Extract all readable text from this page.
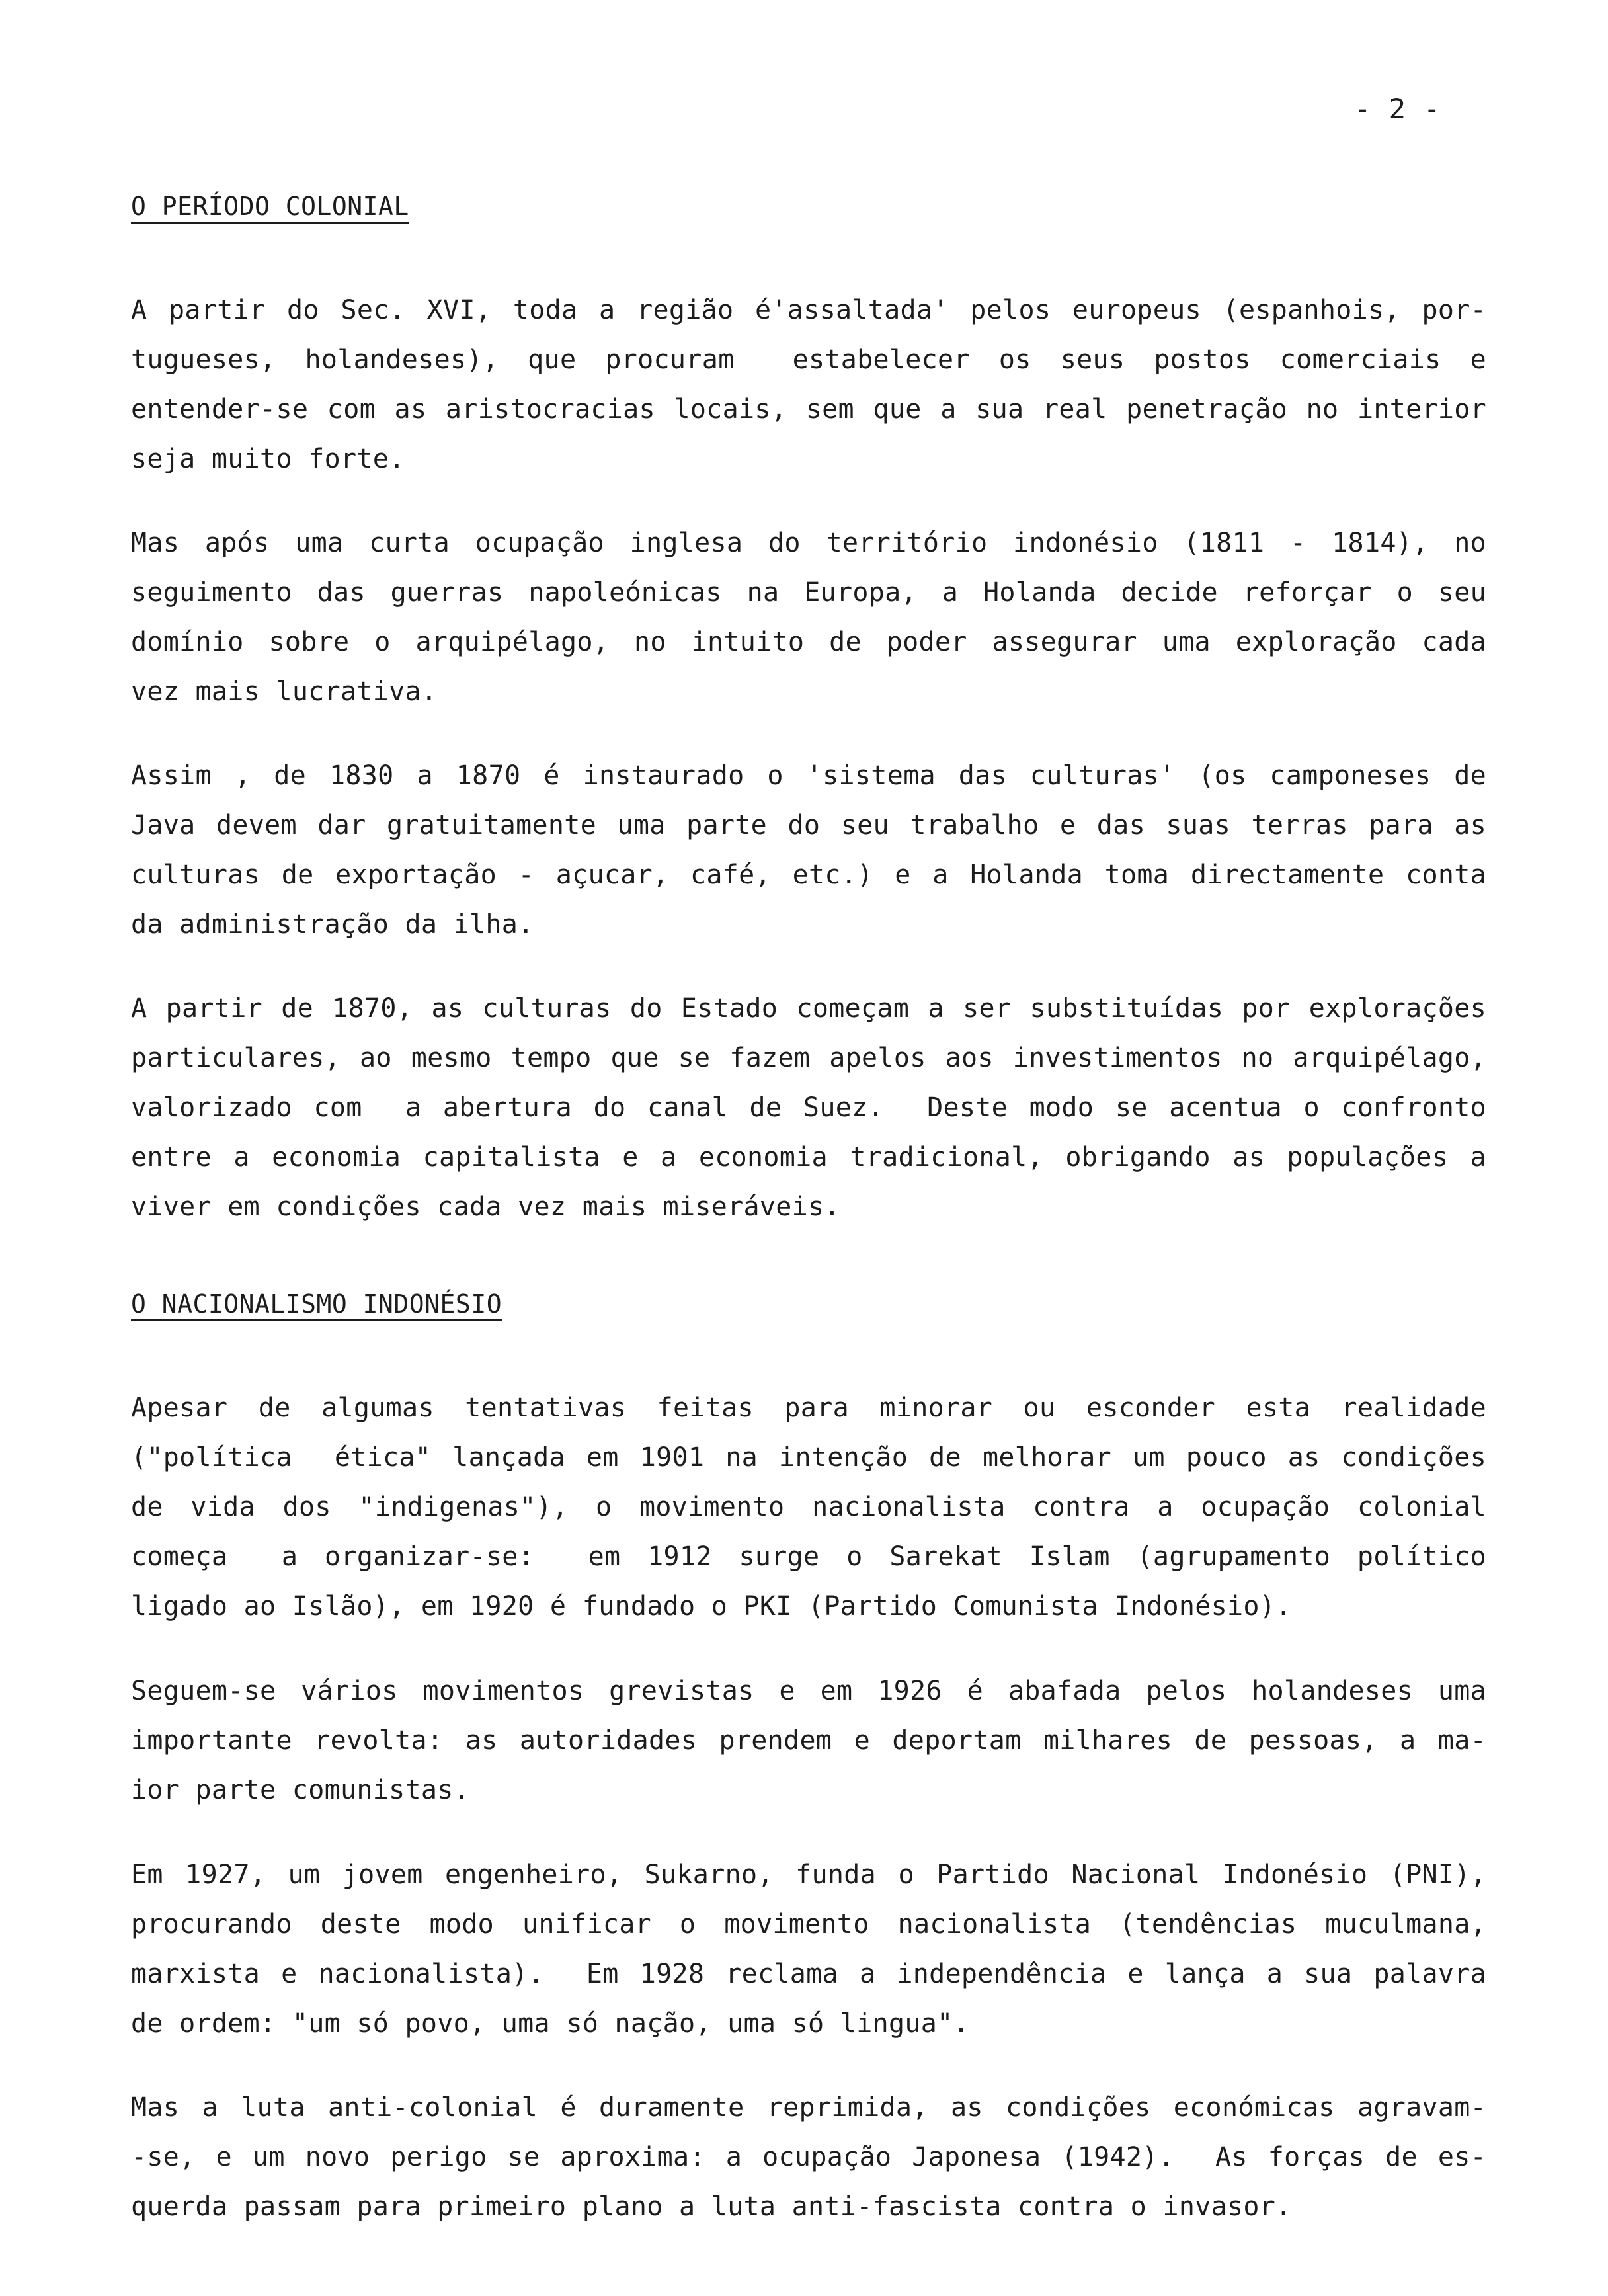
- 2 -
O PERÍODO COLONIAL
A partir do Sec. XVI, toda a região é'assaltada' pelos europeus (espanhois, por-
tugueses, holandeses), que procuram  estabelecer os seus postos comerciais e
entender-se com as aristocracias locais, sem que a sua real penetração no interior
seja muito forte.
Mas após uma curta ocupação inglesa do território indonésio (1811 - 1814), no
seguimento das guerras napoleónicas na Europa, a Holanda decide reforçar o seu
domínio sobre o arquipélago, no intuito de poder assegurar uma exploração cada
vez mais lucrativa.
Assim , de 1830 a 1870 é instaurado o 'sistema das culturas' (os camponeses de
Java devem dar gratuitamente uma parte do seu trabalho e das suas terras para as
culturas de exportação - açucar, café, etc.) e a Holanda toma directamente conta
da administração da ilha.
A partir de 1870, as culturas do Estado começam a ser substituídas por explorações
particulares, ao mesmo tempo que se fazem apelos aos investimentos no arquipélago,
valorizado com  a abertura do canal de Suez.  Deste modo se acentua o confronto
entre a economia capitalista e a economia tradicional, obrigando as populações a
viver em condições cada vez mais miseráveis.
O NACIONALISMO INDONÉSIO
Apesar de algumas tentativas feitas para minorar ou esconder esta realidade
("política  ética" lançada em 1901 na intenção de melhorar um pouco as condições
de vida dos "indigenas"), o movimento nacionalista contra a ocupação colonial
começa  a organizar-se:  em 1912 surge o Sarekat Islam (agrupamento político
ligado ao Islão), em 1920 é fundado o PKI (Partido Comunista Indonésio).
Seguem-se vários movimentos grevistas e em 1926 é abafada pelos holandeses uma
importante revolta: as autoridades prendem e deportam milhares de pessoas, a ma-
ior parte comunistas.
Em 1927, um jovem engenheiro, Sukarno, funda o Partido Nacional Indonésio (PNI),
procurando deste modo unificar o movimento nacionalista (tendências muculmana,
marxista e nacionalista).  Em 1928 reclama a independência e lança a sua palavra
de ordem: "um só povo, uma só nação, uma só lingua".
Mas a luta anti-colonial é duramente reprimida, as condições económicas agravam-
-se, e um novo perigo se aproxima: a ocupação Japonesa (1942).  As forças de es-
querda passam para primeiro plano a luta anti-fascista contra o invasor.
